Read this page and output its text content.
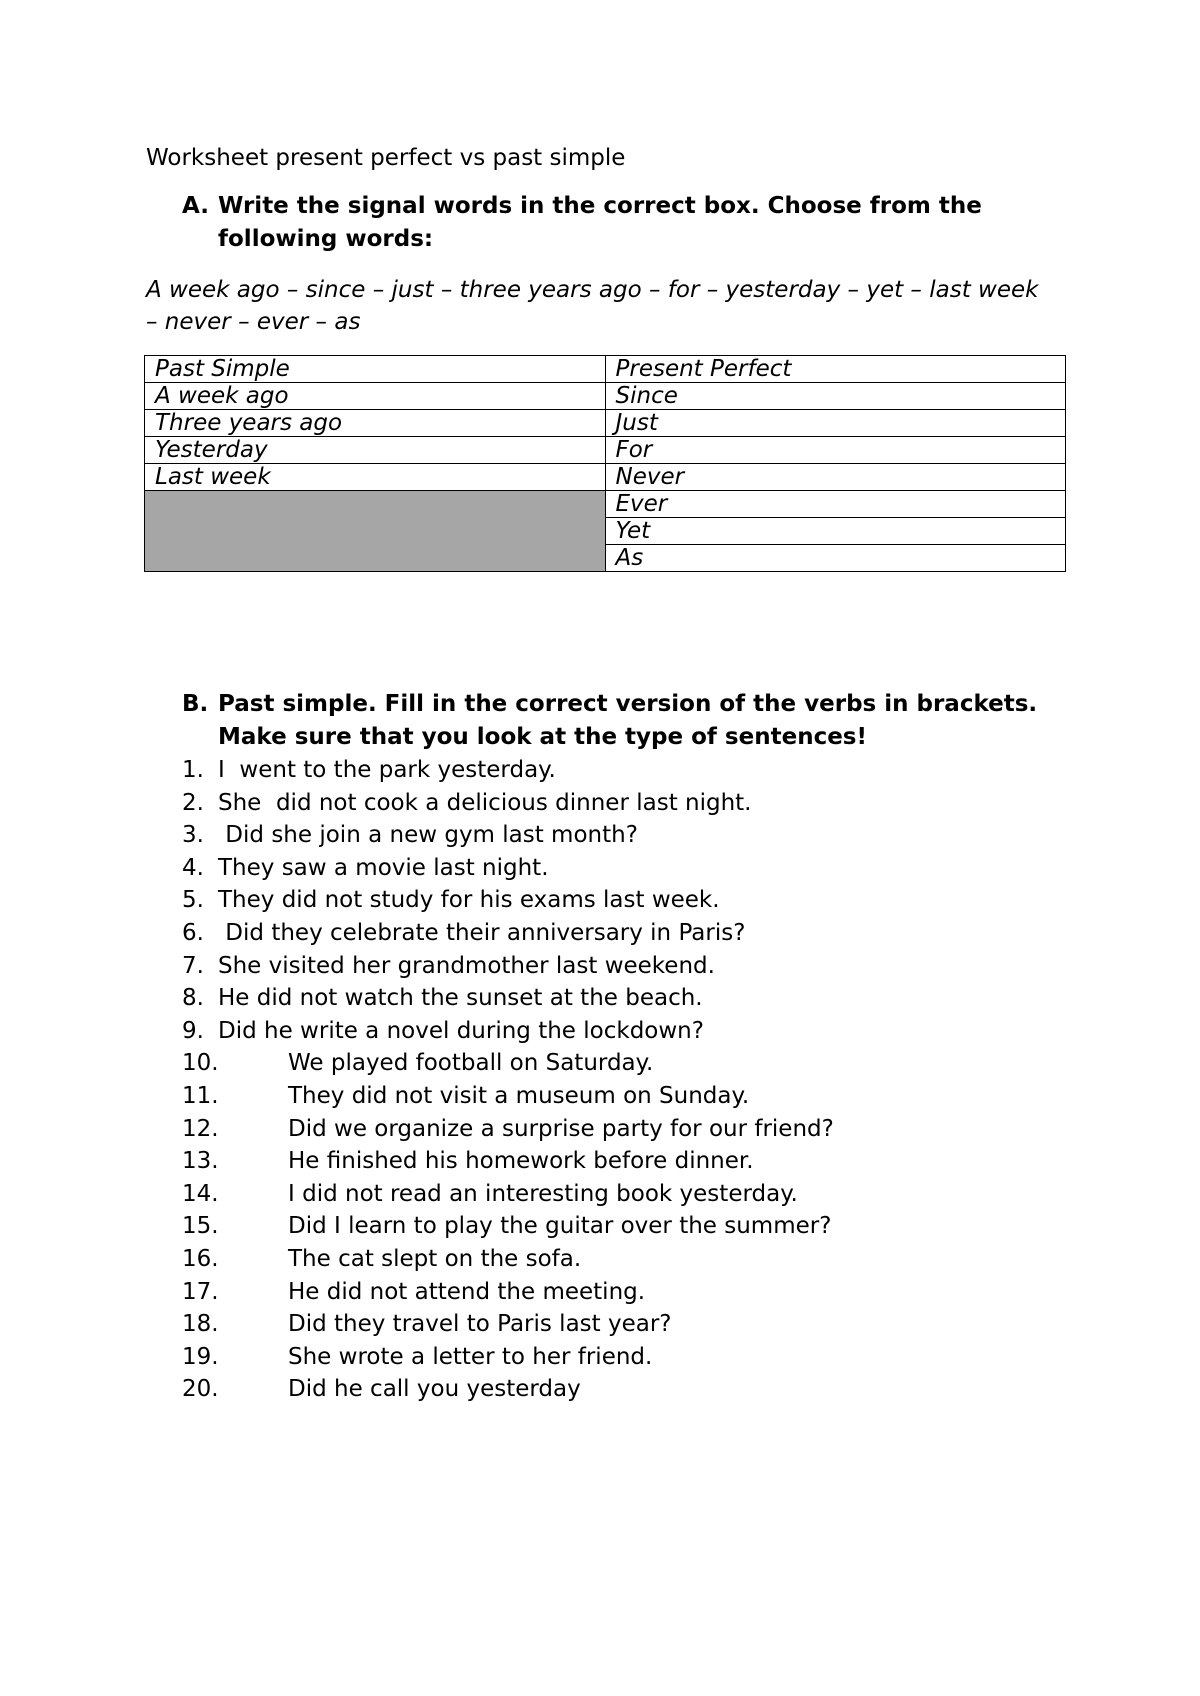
Worksheet present perfect vs past simple
A. Write the signal words in the correct box. Choose from the following words:
A week ago – since – just – three years ago – for – yesterday – yet – last week – never – ever – as
Past Simple	Present Perfect
A week ago	Since
Three years ago	Just
Yesterday	For
Last week	Never
	Ever
	Yet
	As
B. Past simple. Fill in the correct version of the verbs in brackets. Make sure that you look at the type of sentences!
1. I  went to the park yesterday.
2. She  did not cook a delicious dinner last night.
3. Did she join a new gym last month?
4. They saw a movie last night.
5. They did not study for his exams last week.
6. Did they celebrate their anniversary in Paris?
7. She visited her grandmother last weekend.
8. He did not watch the sunset at the beach.
9. Did he write a novel during the lockdown?
10.	We played football on Saturday.
11.	They did not visit a museum on Sunday.
12.	Did we organize a surprise party for our friend?
13.	He finished his homework before dinner.
14.	I did not read an interesting book yesterday.
15.	Did I learn to play the guitar over the summer?
16.	The cat slept on the sofa.
17.	He did not attend the meeting.
18.	Did they travel to Paris last year?
19.	She wrote a letter to her friend.
20.	Did he call you yesterday
